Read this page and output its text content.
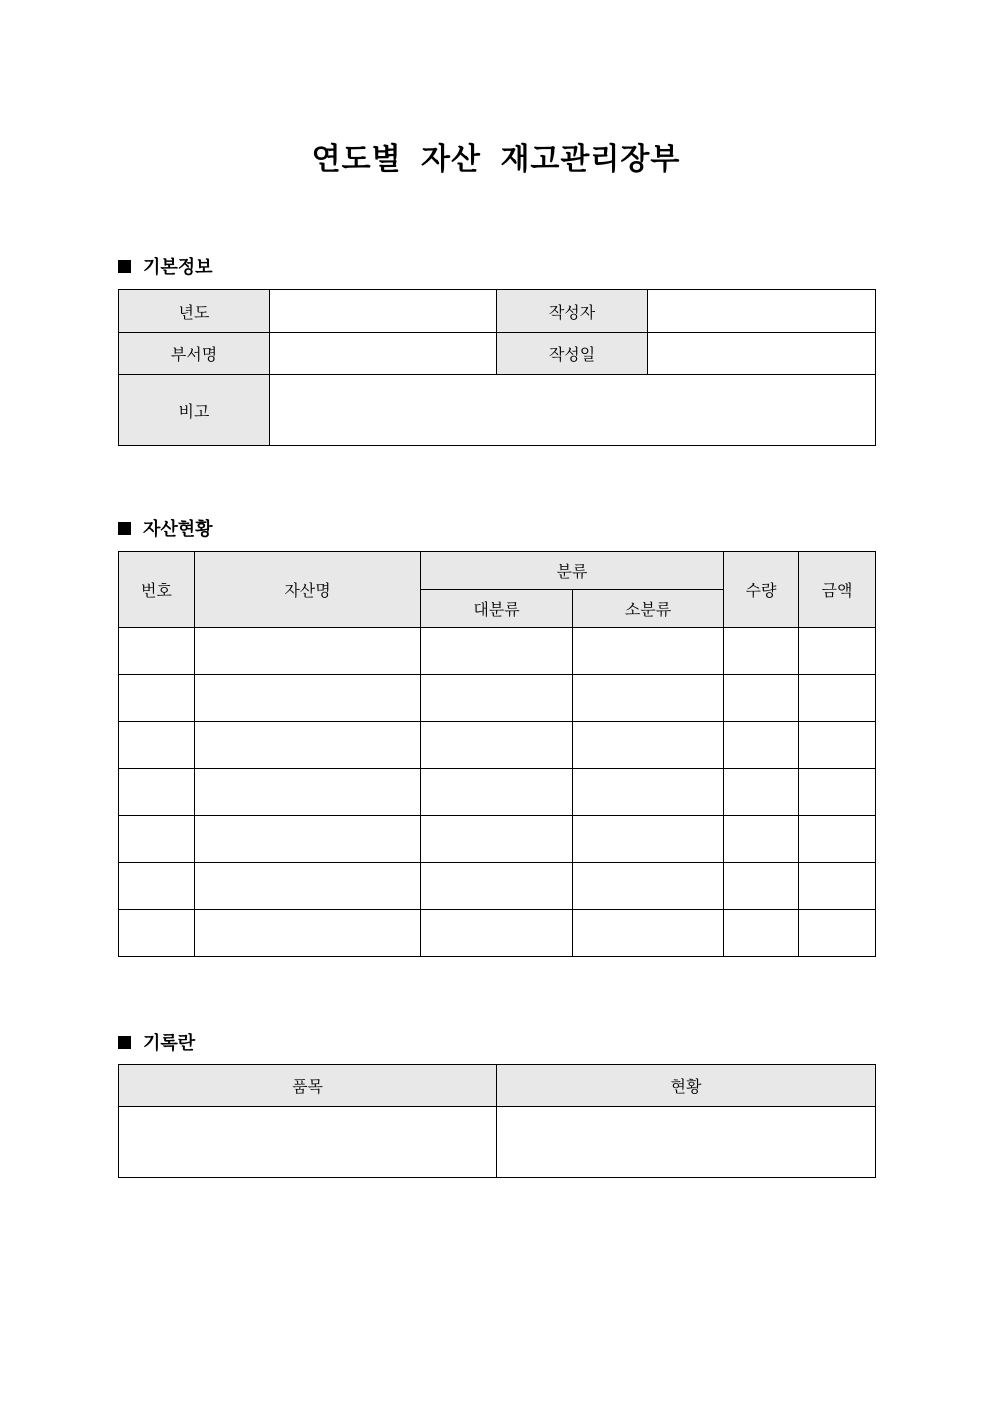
연도별 자산 재고관리장부
기본정보
년도		작성자	
부서명		작성일	
비고			
자산현황
번호	자산명	분류		수량	금액
		대분류	소분류		

기록란
품목	현황
